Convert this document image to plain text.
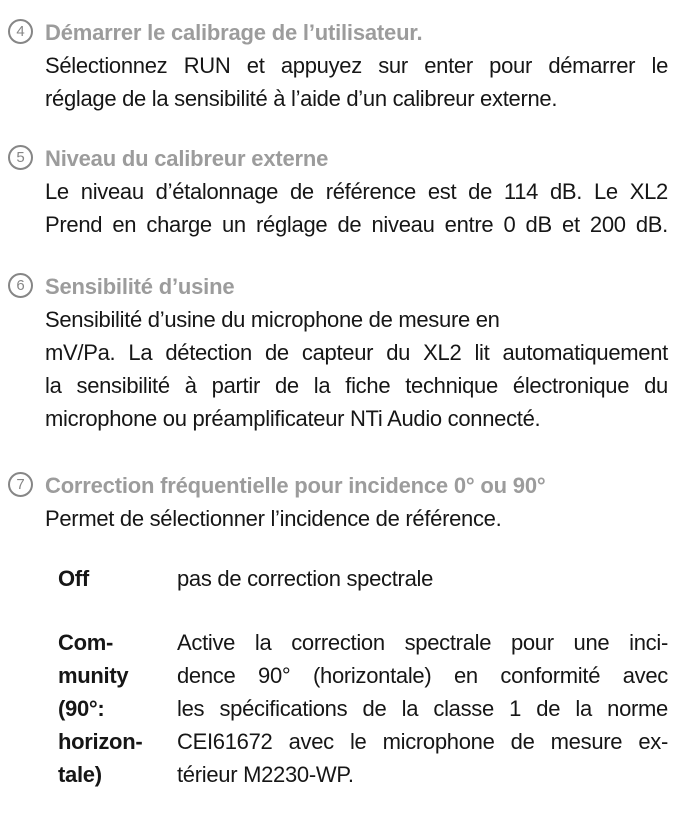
4 Démarrer le calibrage de l’utilisateur.
Sélectionnez RUN et appuyez sur enter pour démarrer le
réglage de la sensibilité à l’aide d’un calibreur externe.
5 Niveau du calibreur externe
Le niveau d’étalonnage de référence est de 114 dB. Le XL2
Prend en charge un réglage de niveau entre 0 dB et 200 dB.
6 Sensibilité d’usine
Sensibilité d’usine du microphone de mesure en
mV/Pa. La détection de capteur du XL2 lit automatiquement
la sensibilité à partir de la fiche technique électronique du
microphone ou préamplificateur NTi Audio connecté.
7 Correction fréquentielle pour incidence 0° ou 90°
Permet de sélectionner l’incidence de référence.
Off	pas de correction spectrale
Com-
munity
(90°:
horizon-
tale)
Active la correction spectrale pour une inci-
dence 90° (horizontale) en conformité avec
les spécifications de la classe 1 de la norme
CEI61672 avec le microphone de mesure ex-
térieur M2230-WP.
